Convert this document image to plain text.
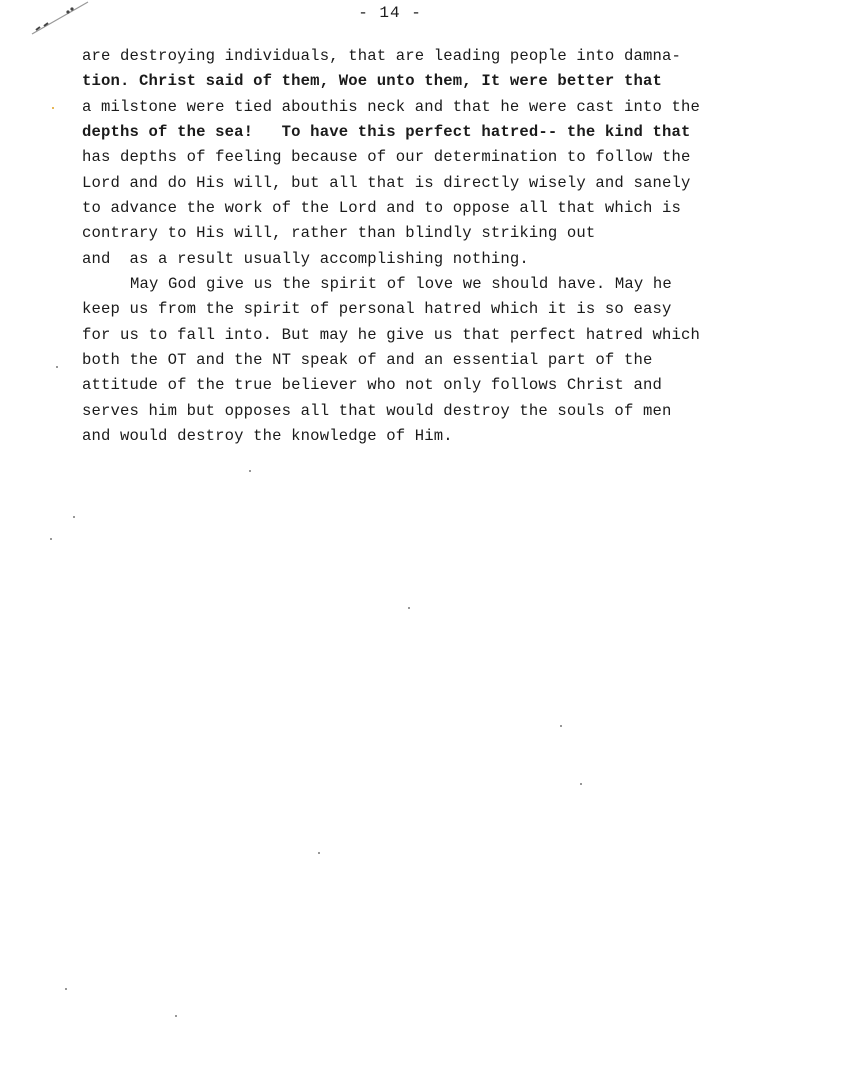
- 14 -
are destroying individuals, that are leading people into damna-
tion. Christ said of them, Woe unto them, It were better that
a milstone were tied abouthis neck and that he were cast into the
depths of the sea!   To have this perfect hatred-- the kind that
has depths of feeling because of our determination to follow the
Lord and do His will, but all that is directly wisely and sanely
to advance the work of the Lord and to oppose all that which is
contrary to His will, rather than blindly striking out
and  as a result usually accomplishing nothing.
May God give us the spirit of love we should have. May he
keep us from the spirit of personal hatred which it is so easy
for us to fall into. But may he give us that perfect hatred which
both the OT and the NT speak of and an essential part of the
attitude of the true believer who not only follows Christ and
serves him but opposes all that would destroy the souls of men
and would destroy the knowledge of Him.
